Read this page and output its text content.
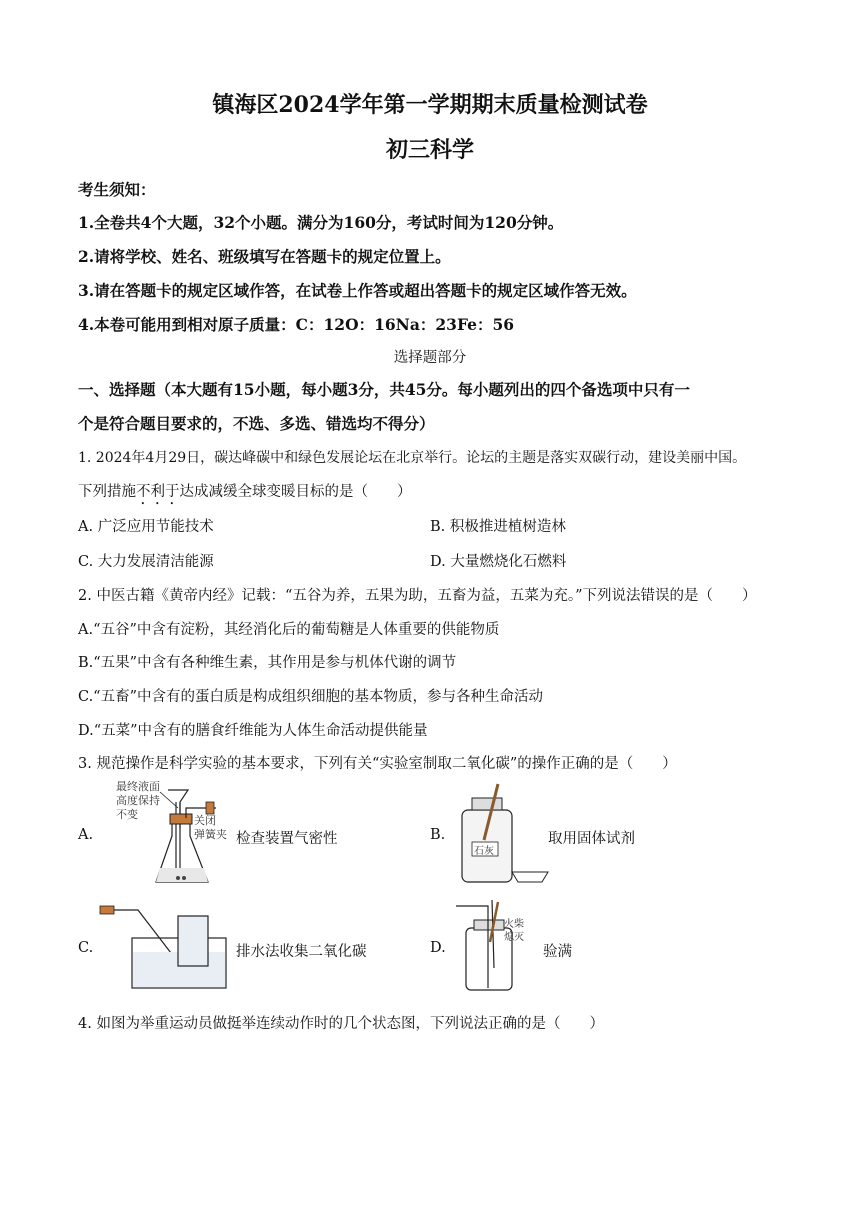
镇海区2024学年第一学期期末质量检测试卷
初三科学
考生须知：
1.全卷共4个大题，32个小题。满分为160分，考试时间为120分钟。
2.请将学校、姓名、班级填写在答题卡的规定位置上。
3.请在答题卡的规定区域作答，在试卷上作答或超出答题卡的规定区域作答无效。
4.本卷可能用到相对原子质量：C：12O：16Na：23Fe：56
选择题部分
一、选择题（本大题有15小题，每小题3分，共45分。每小题列出的四个备选项中只有一
个是符合题目要求的，不选、多选、错选均不得分）
1. 2024年4月29日，碳达峰碳中和绿色发展论坛在北京举行。论坛的主题是落实双碳行动，建设美丽中国。
下列措施不利于达成减缓全球变暖目标的是（　　）
A. 广泛应用节能技术	B. 积极推进植树造林
C. 大力发展清洁能源	D. 大量燃烧化石燃料
2. 中医古籍《黄帝内经》记载：“五谷为养，五果为助，五畜为益，五菜为充。”下列说法错误的是（　　）
A.“五谷”中含有淀粉，其经消化后的葡萄糖是人体重要的供能物质
B.“五果”中含有各种维生素，其作用是参与机体代谢的调节
C.“五畜”中含有的蛋白质是构成组织细胞的基本物质，参与各种生命活动
D.“五菜”中含有的膳食纤维能为人体生命活动提供能量
3. 规范操作是科学实验的基本要求，下列有关“实验室制取二氧化碳”的操作正确的是（　　）
A.
最终液面
高度保持
不变	关闭
弹簧夹 检查装置气密性	B.
石灰
取用固体试剂
C.	排水法收集二氧化碳	D.
火柴
熄灭
验满
4. 如图为举重运动员做挺举连续动作时的几个状态图，下列说法正确的是（　　）
